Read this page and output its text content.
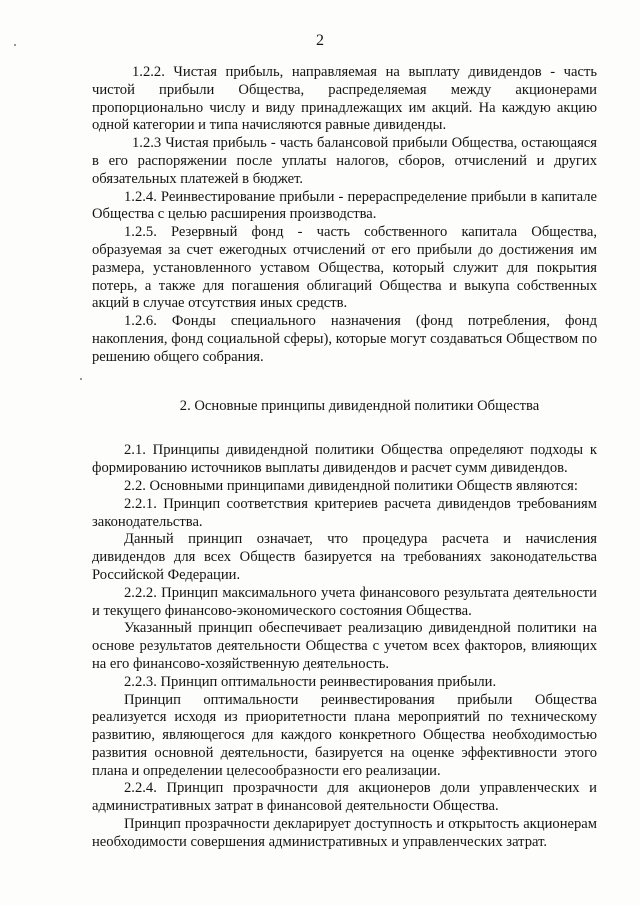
2

1.2.2. Чистая прибыль, направляемая на выплату дивидендов - часть чистой прибыли Общества, распределяемая между акционерами пропорционально числу и виду принадлежащих им акций. На каждую акцию одной категории и типа начисляются равные дивиденды.

1.2.3 Чистая прибыль - часть балансовой прибыли Общества, остающаяся в его распоряжении после уплаты налогов, сборов, отчислений и других обязательных платежей в бюджет.

1.2.4. Реинвестирование прибыли - перераспределение прибыли в капитале Общества с целью расширения производства.

1.2.5. Резервный фонд - часть собственного капитала Общества, образуемая за счет ежегодных отчислений от его прибыли до достижения им размера, установленного уставом Общества, который служит для покрытия потерь, а также для погашения облигаций Общества и выкупа собственных акций в случае отсутствия иных средств.

1.2.6. Фонды специального назначения (фонд потребления, фонд накопления, фонд социальной сферы), которые могут создаваться Обществом по решению общего собрания.

2. Основные принципы дивидендной политики Общества

2.1. Принципы дивидендной политики Общества определяют подходы к формированию источников выплаты дивидендов и расчет сумм дивидендов.

2.2. Основными принципами дивидендной политики Обществ являются:

2.2.1. Принцип соответствия критериев расчета дивидендов требованиям законодательства.

Данный принцип означает, что процедура расчета и начисления дивидендов для всех Обществ базируется на требованиях законодательства Российской Федерации.

2.2.2. Принцип максимального учета финансового результата деятельности и текущего финансово-экономического состояния Общества.

Указанный принцип обеспечивает реализацию дивидендной политики на основе результатов деятельности Общества с учетом всех факторов, влияющих на его финансово-хозяйственную деятельность.

2.2.3. Принцип оптимальности реинвестирования прибыли.

Принцип оптимальности реинвестирования прибыли Общества реализуется исходя из приоритетности плана мероприятий по техническому развитию, являющегося для каждого конкретного Общества необходимостью развития основной деятельности, базируется на оценке эффективности этого плана и определении целесообразности его реализации.

2.2.4. Принцип прозрачности для акционеров доли управленческих и административных затрат в финансовой деятельности Общества.

Принцип прозрачности декларирует доступность и открытость акционерам необходимости совершения административных и управленческих затрат.
